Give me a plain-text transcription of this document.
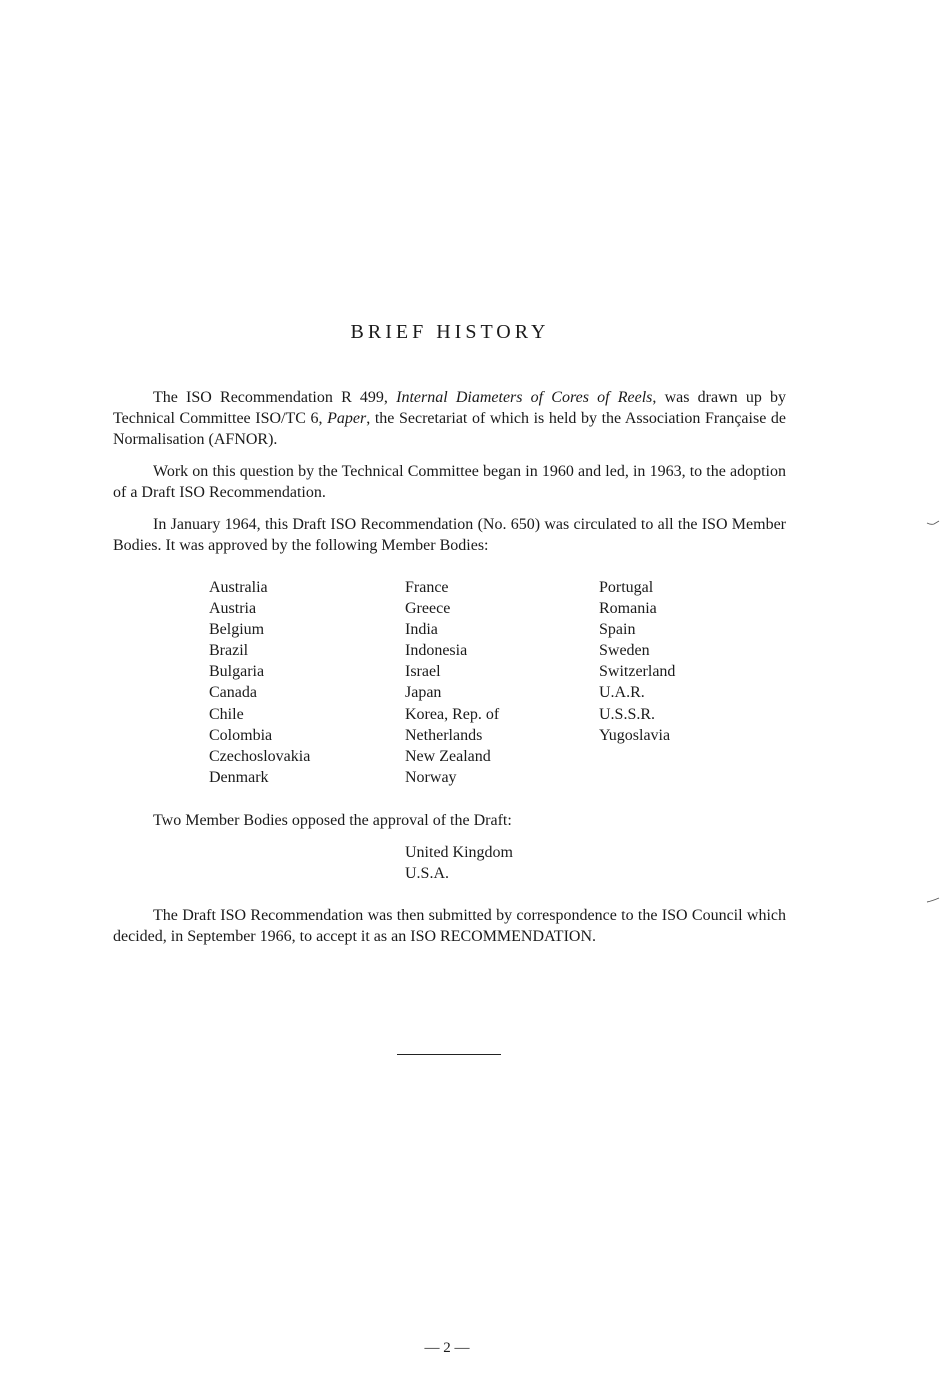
BRIEF HISTORY

The ISO Recommendation R 499, Internal Diameters of Cores of Reels, was drawn up by Technical Committee ISO/TC 6, Paper, the Secretariat of which is held by the Association Française de Normalisation (AFNOR).

Work on this question by the Technical Committee began in 1960 and led, in 1963, to the adoption of a Draft ISO Recommendation.

In January 1964, this Draft ISO Recommendation (No. 650) was circulated to all the ISO Member Bodies. It was approved by the following Member Bodies:

Australia
Austria
Belgium
Brazil
Bulgaria
Canada
Chile
Colombia
Czechoslovakia
Denmark
France
Greece
India
Indonesia
Israel
Japan
Korea, Rep. of
Netherlands
New Zealand
Norway
Portugal
Romania
Spain
Sweden
Switzerland
U.A.R.
U.S.S.R.
Yugoslavia

Two Member Bodies opposed the approval of the Draft:

United Kingdom
U.S.A.

The Draft ISO Recommendation was then submitted by correspondence to the ISO Council which decided, in September 1966, to accept it as an ISO RECOMMENDATION.

— 2 —
